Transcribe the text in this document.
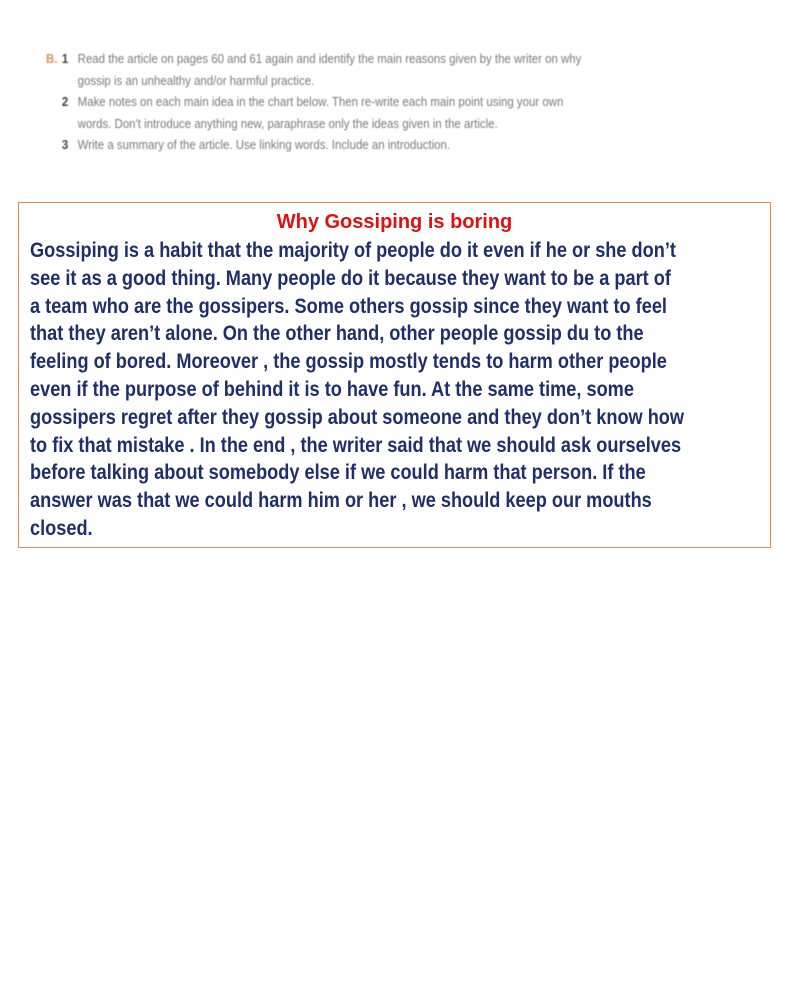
B. 1 Read the article on pages 60 and 61 again and identify the main reasons given by the writer on why
gossip is an unhealthy and/or harmful practice.
2 Make notes on each main idea in the chart below. Then re-write each main point using your own
words. Don't introduce anything new, paraphrase only the ideas given in the article.
3 Write a summary of the article. Use linking words. Include an introduction.
Why Gossiping is boring
Gossiping is a habit that the majority of people do it even if he or she don’t
see it as a good thing. Many people do it because they want to be a part of
a team who are the gossipers. Some others gossip since they want to feel
that they aren’t alone. On the other hand, other people gossip du to the
feeling of bored. Moreover , the gossip mostly tends to harm other people
even if the purpose of behind it is to have fun. At the same time, some
gossipers regret after they gossip about someone and they don’t know how
to fix that mistake . In the end , the writer said that we should ask ourselves
before talking about somebody else if we could harm that person. If the
answer was that we could harm him or her , we should keep our mouths
closed.
